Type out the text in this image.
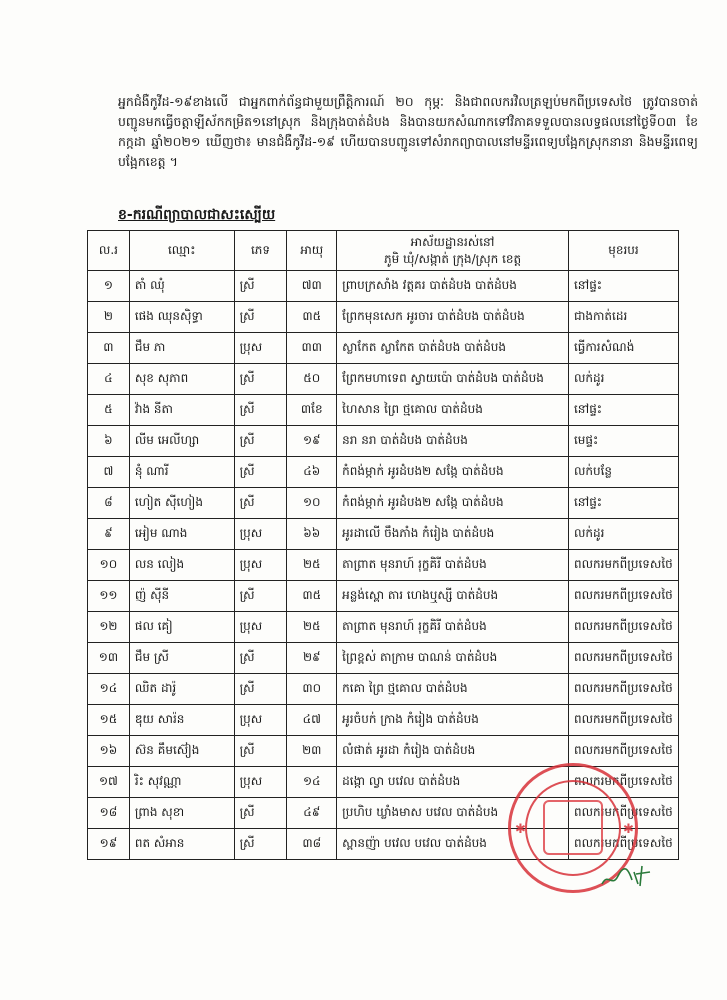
អ្នកជំងឺកូវីដ-១៩ខាងលើ ជាអ្នកពាក់ព័ន្ធជាមួយព្រឹត្តិការណ៍ ២០ កុម្ភៈ និងជាពលករវិលត្រឡប់មកពីប្រទេសថៃ ត្រូវបានចាត់បញ្ជូនមកធ្វើចត្តាឡីស័កកម្រិត១នៅស្រុក និងក្រុងបាត់ដំបង និងបានយកសំណាកទៅវិភាគទទួលបានលទ្ធផលនៅថ្ងៃទី០៣ ខែកក្កដា ឆ្នាំ២០២១ ឃើញថា៖ មានជំងឺកូវីដ-១៩ ហើយបានបញ្ជូនទៅសំរាកព្យាបាលនៅមន្ទីរពេទ្យបង្អែកស្រុកនានា និងមន្ទីរពេទ្យបង្អែកខេត្ត ។

ខ-ករណីព្យាបាលជាសះស្បើយ
ល.រ	ឈ្មោះ	ភេទ	អាយុ	អាស័យដ្ឋានរស់នៅ
ភូមិ ឃុំ/សង្កាត់ ក្រុង/ស្រុក ខេត្ត	មុខរបរ
១	តាំ ឈុំ	ស្រី	៧៣	ព្រាបក្រសាំង វត្តគរ បាត់ដំបង បាត់ដំបង	នៅផ្ទះ
២	ផេង ឈុនស៊ិទ្ធា	ស្រី	៣៥	ព្រែកមុនសេក អូរចារ បាត់ដំបង បាត់ដំបង	ជាងកាត់ដេរ
៣	ជឹម ភា	ប្រុស	៣៣	ស្លាកែត ស្លាកែត បាត់ដំបង បាត់ដំបង	ធ្វើការសំណង់
៤	សុខ សុភាព	ស្រី	៥០	ព្រែកមហាទេព ស្វាយប៉ោ បាត់ដំបង បាត់ដំបង	លក់ដូរ
៥	វ៉ាង នីតា	ស្រី	៣ខែ	ហៃសាន ព្រៃ ថ្មគោល បាត់ដំបង	នៅផ្ទះ
៦	លីម អេលីហ្សា	ស្រី	១៩	នរា នរា បាត់ដំបង បាត់ដំបង	មេផ្ទះ
៧	នុំ ណារី	ស្រី	៤៦	កំពង់ម្កាក់ អូរដំបង២ សង្កែ បាត់ដំបង	លក់បន្លែ
៨	ហៀត ស៊ីហៀង	ស្រី	១០	កំពង់ម្កាក់ អូរដំបង២ សង្កែ បាត់ដំបង	នៅផ្ទះ
៩	អៀម ណាង	ប្រុស	៦៦	អូរដាលើ ចឹងភាំង កំរៀង បាត់ដំបង	លក់ដូរ
១០	លន លៀង	ប្រុស	២៥	តាព្រាត មុនរាហ៍ រុក្ខគិរី បាត់ដំបង	ពលករមកពីប្រទេសថៃ
១១	ញ៉ សុីនី	ស្រី	៣៥	អន្លង់ស្ពោ តារ ហេងឬស្សី បាត់ដំបង	ពលករមកពីប្រទេសថៃ
១២	ផល គៀ	ប្រុស	២៥	តាព្រាត មុនរាហ៍ រុក្ខគិរី បាត់ដំបង	ពលករមកពីប្រទេសថៃ
១៣	ជឹម ស្រី	ស្រី	២៩	ព្រៃខ្ពស់ តាក្រាម បាណន់ បាត់ដំបង	ពលករមកពីប្រទេសថៃ
១៤	ឈិត ដារ៉ូ	ស្រី	៣០	កគោ ព្រៃ ថ្មគោល បាត់ដំបង	ពលករមកពីប្រទេសថៃ
១៥	ឌុយ សារ៉ន	ប្រុស	៤៧	អូរចំបក់ ក្រាង កំរៀង បាត់ដំបង	ពលករមកពីប្រទេសថៃ
១៦	ស៊ន គឹមស៊ៀង	ស្រី	២៣	លំផាត់ អូរដា កំរៀង បាត់ដំបង	ពលករមកពីប្រទេសថៃ
១៧	រិះ សុវណ្ណា	ប្រុស	១៤	ដង្កោ ល្វា បវេល បាត់ដំបង	ពលករមកពីប្រទេសថៃ
១៨	ព្រាង សុខា	ស្រី	៤៩	ប្រហិប ឃ្លាំងមាស បវេល បាត់ដំបង	ពលករមកពីប្រទេសថៃ
១៩	ពត សំអាន	ស្រី	៣៨	ស្ពានញ៉ា បវេល បវេល បាត់ដំបង	ពលករមកពីប្រទេសថៃ
✱	✱
